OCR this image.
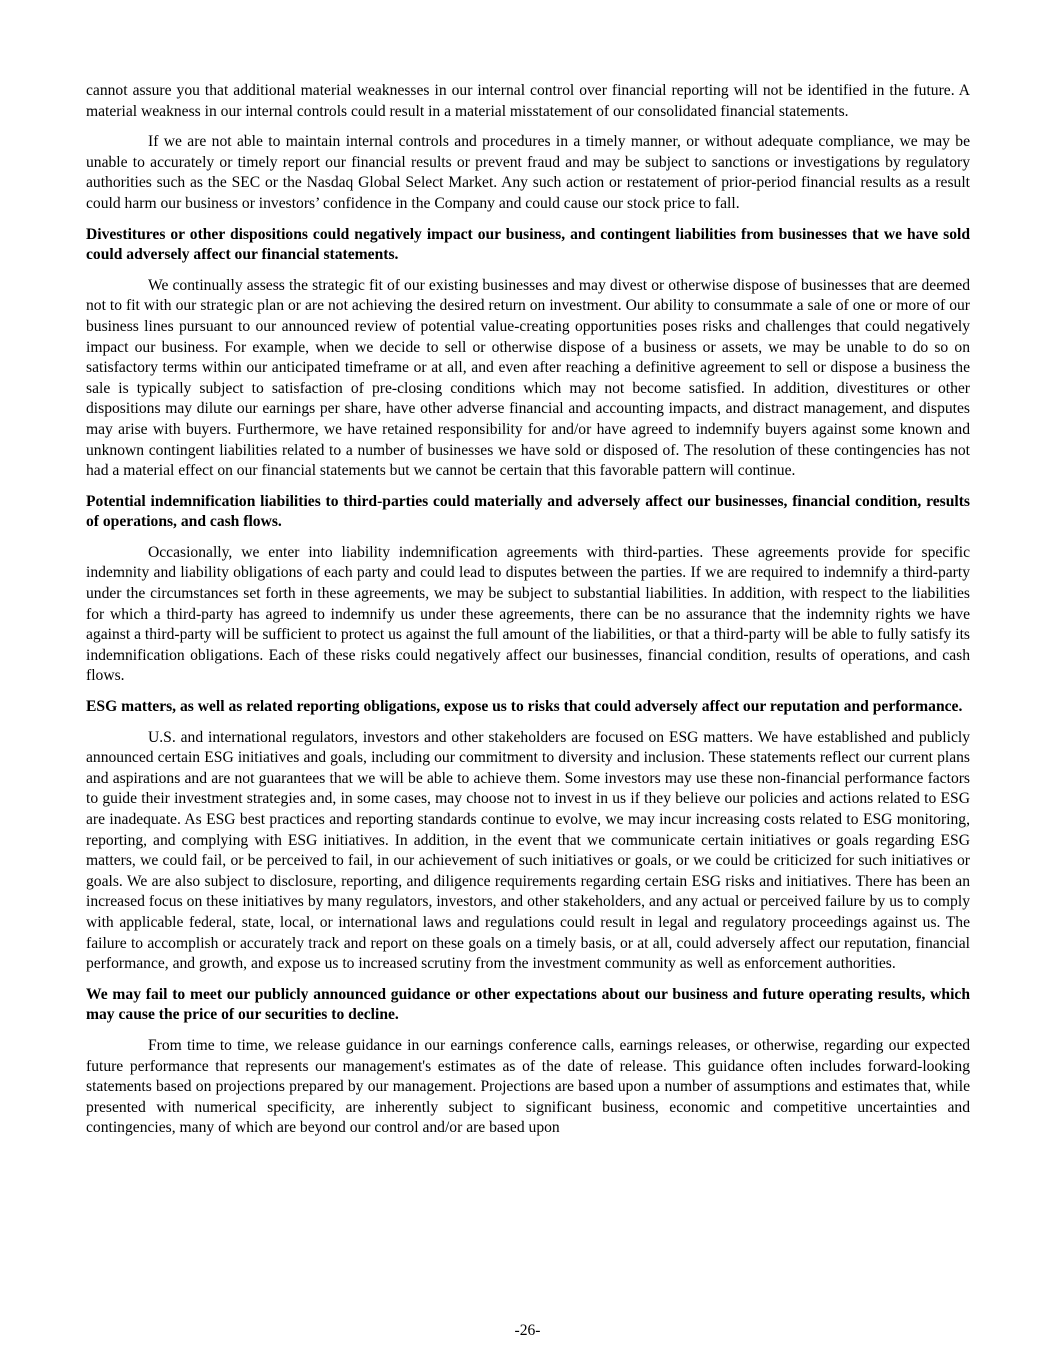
cannot assure you that additional material weaknesses in our internal control over financial reporting will not be identified in the future. A material weakness in our internal controls could result in a material misstatement of our consolidated financial statements.

If we are not able to maintain internal controls and procedures in a timely manner, or without adequate compliance, we may be unable to accurately or timely report our financial results or prevent fraud and may be subject to sanctions or investigations by regulatory authorities such as the SEC or the Nasdaq Global Select Market. Any such action or restatement of prior-period financial results as a result could harm our business or investors’ confidence in the Company and could cause our stock price to fall.

Divestitures or other dispositions could negatively impact our business, and contingent liabilities from businesses that we have sold could adversely affect our financial statements.

We continually assess the strategic fit of our existing businesses and may divest or otherwise dispose of businesses that are deemed not to fit with our strategic plan or are not achieving the desired return on investment. Our ability to consummate a sale of one or more of our business lines pursuant to our announced review of potential value-creating opportunities poses risks and challenges that could negatively impact our business. For example, when we decide to sell or otherwise dispose of a business or assets, we may be unable to do so on satisfactory terms within our anticipated timeframe or at all, and even after reaching a definitive agreement to sell or dispose a business the sale is typically subject to satisfaction of pre-closing conditions which may not become satisfied. In addition, divestitures or other dispositions may dilute our earnings per share, have other adverse financial and accounting impacts, and distract management, and disputes may arise with buyers. Furthermore, we have retained responsibility for and/or have agreed to indemnify buyers against some known and unknown contingent liabilities related to a number of businesses we have sold or disposed of. The resolution of these contingencies has not had a material effect on our financial statements but we cannot be certain that this favorable pattern will continue.

Potential indemnification liabilities to third-parties could materially and adversely affect our businesses, financial condition, results of operations, and cash flows.

Occasionally, we enter into liability indemnification agreements with third-parties. These agreements provide for specific indemnity and liability obligations of each party and could lead to disputes between the parties. If we are required to indemnify a third-party under the circumstances set forth in these agreements, we may be subject to substantial liabilities. In addition, with respect to the liabilities for which a third-party has agreed to indemnify us under these agreements, there can be no assurance that the indemnity rights we have against a third-party will be sufficient to protect us against the full amount of the liabilities, or that a third-party will be able to fully satisfy its indemnification obligations. Each of these risks could negatively affect our businesses, financial condition, results of operations, and cash flows.

ESG matters, as well as related reporting obligations, expose us to risks that could adversely affect our reputation and performance.

U.S. and international regulators, investors and other stakeholders are focused on ESG matters. We have established and publicly announced certain ESG initiatives and goals, including our commitment to diversity and inclusion. These statements reflect our current plans and aspirations and are not guarantees that we will be able to achieve them. Some investors may use these non-financial performance factors to guide their investment strategies and, in some cases, may choose not to invest in us if they believe our policies and actions related to ESG are inadequate. As ESG best practices and reporting standards continue to evolve, we may incur increasing costs related to ESG monitoring, reporting, and complying with ESG initiatives. In addition, in the event that we communicate certain initiatives or goals regarding ESG matters, we could fail, or be perceived to fail, in our achievement of such initiatives or goals, or we could be criticized for such initiatives or goals. We are also subject to disclosure, reporting, and diligence requirements regarding certain ESG risks and initiatives. There has been an increased focus on these initiatives by many regulators, investors, and other stakeholders, and any actual or perceived failure by us to comply with applicable federal, state, local, or international laws and regulations could result in legal and regulatory proceedings against us. The failure to accomplish or accurately track and report on these goals on a timely basis, or at all, could adversely affect our reputation, financial performance, and growth, and expose us to increased scrutiny from the investment community as well as enforcement authorities.

We may fail to meet our publicly announced guidance or other expectations about our business and future operating results, which may cause the price of our securities to decline.

From time to time, we release guidance in our earnings conference calls, earnings releases, or otherwise, regarding our expected future performance that represents our management's estimates as of the date of release. This guidance often includes forward-looking statements based on projections prepared by our management. Projections are based upon a number of assumptions and estimates that, while presented with numerical specificity, are inherently subject to significant business, economic and competitive uncertainties and contingencies, many of which are beyond our control and/or are based upon

-26-
